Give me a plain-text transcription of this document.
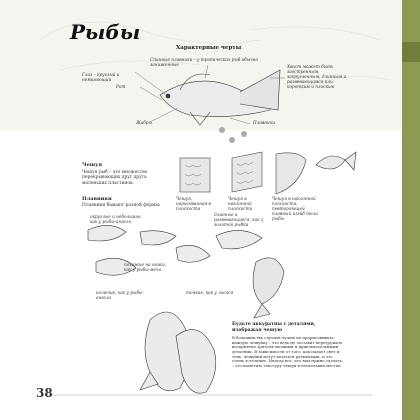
Рыбы
Характерные черты
Спинные плавники – у тропических рыб обычно заниженные
Глаз – круглый и немигающий
Рот
Хвост может быть заостренным, закругленным, длинным и развевающимся или коротким и плоским
Плавники
Жабры
Чешуя
Чешуя рыб – это множество перекрывающих друг друга маленьких пластинок.
Чешуя, нарисованная в плоскости
Чешуя в наклонной плоскости
Чешуя в наклонной плоскости, повторяющей плавный изгиб тела рыбы
Плавники
Плавники бывают разной формы:
округлые и небольшие, как у рыбы-ангела
длинные и развевающиеся, как у золотой рыбки
похожие на ножи, как у рыбы-меча
тонкие, как у лосося
колючие, как у рыбы-ангела
Будьте аккуратны с деталями, изображая чешую
В большинстве случаев лучше не прорисовывать каждую чешуйку – это ведь не заставит перегружать восприятие зрителя мелкими и привлекательными деталями. В зависимости от того, как падает свет и тень, чешуйки могут казаться размытыми, и это очень эстетично. Иногда все, что вам нужно сделать, – это наметить текстуру чешуи в нескольких местах.
38
